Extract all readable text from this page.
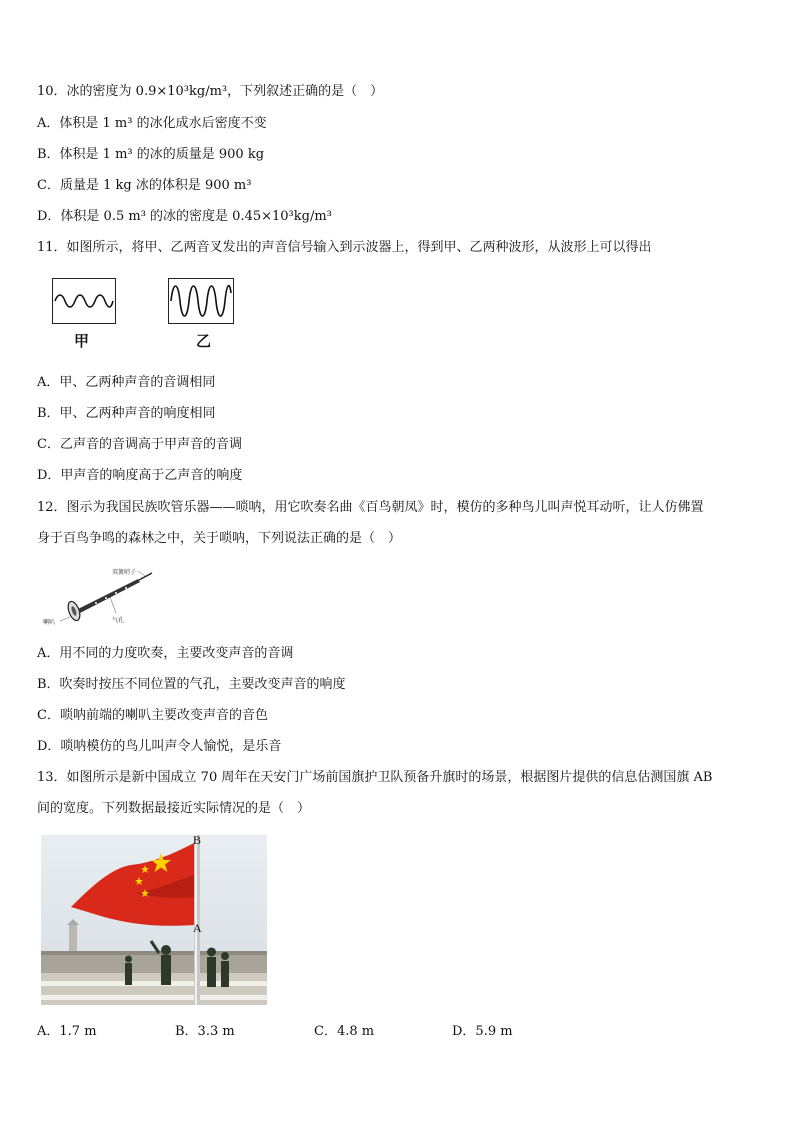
10．冰的密度为 0.9×10³kg/m³，下列叙述正确的是（　）
A．体积是 1 m³ 的冰化成水后密度不变
B．体积是 1 m³ 的冰的质量是 900 kg
C．质量是 1 kg 冰的体积是 900 m³
D．体积是 0.5 m³ 的冰的密度是 0.45×10³kg/m³
11．如图所示，将甲、乙两音叉发出的声音信号输入到示波器上，得到甲、乙两种波形，从波形上可以得出
甲	乙
A．甲、乙两种声音的音调相同
B．甲、乙两种声音的响度相同
C．乙声音的音调高于甲声音的音调
D．甲声音的响度高于乙声音的响度
12．图示为我国民族吹管乐器——唢呐，用它吹奏名曲《百鸟朝凤》时，模仿的多种鸟儿叫声悦耳动听，让人仿佛置
身于百鸟争鸣的森林之中，关于唢呐，下列说法正确的是（　）
双簧哨子
喇叭	气孔
A．用不同的力度吹奏，主要改变声音的音调
B．吹奏时按压不同位置的气孔，主要改变声音的响度
C．唢呐前端的喇叭主要改变声音的音色
D．唢呐模仿的鸟儿叫声令人愉悦，是乐音
13．如图所示是新中国成立 70 周年在天安门广场前国旗护卫队预备升旗时的场景，根据图片提供的信息估测国旗 AB
间的宽度。下列数据最接近实际情况的是（　）
B
A
A．1.7 m	B．3.3 m	C．4.8 m	D．5.9 m
